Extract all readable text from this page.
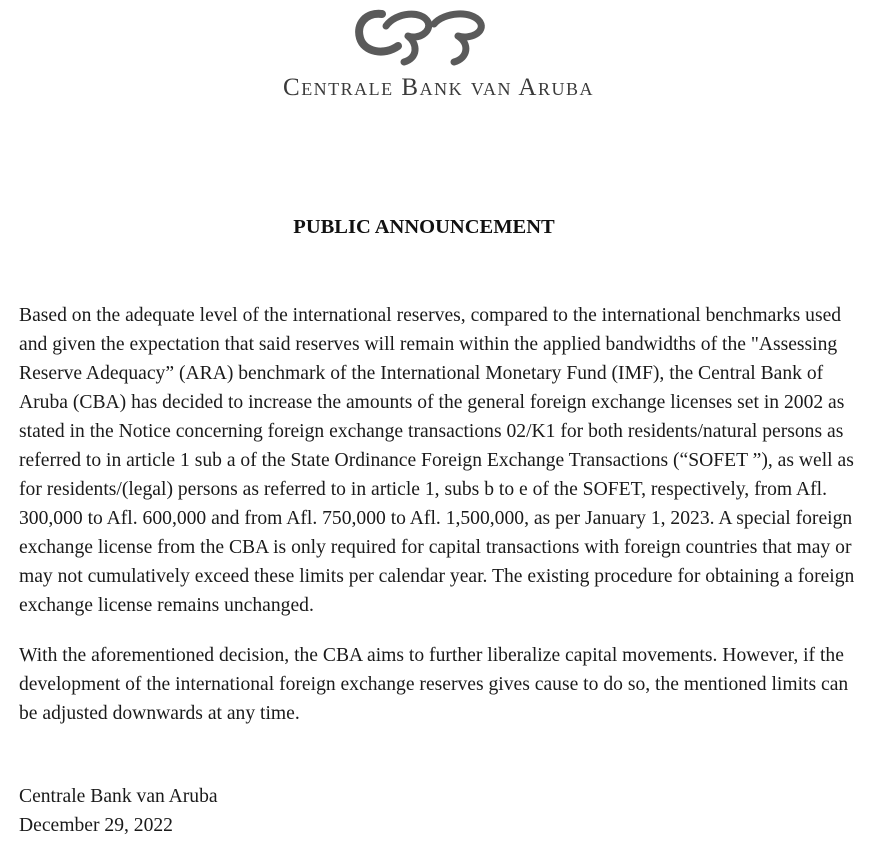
Centrale Bank van Aruba
PUBLIC ANNOUNCEMENT
Based on the adequate level of the international reserves, compared to the international benchmarks used
and given the expectation that said reserves will remain within the applied bandwidths of the "Assessing
Reserve Adequacy” (ARA) benchmark of the International Monetary Fund (IMF), the Central Bank of
Aruba (CBA) has decided to increase the amounts of the general foreign exchange licenses set in 2002 as
stated in the Notice concerning foreign exchange transactions 02/K1 for both residents/natural persons as
referred to in article 1 sub a of the State Ordinance Foreign Exchange Transactions (“SOFET ”), as well as
for residents/(legal) persons as referred to in article 1, subs b to e of the SOFET, respectively, from Afl.
300,000 to Afl. 600,000 and from Afl. 750,000 to Afl. 1,500,000, as per January 1, 2023. A special foreign
exchange license from the CBA is only required for capital transactions with foreign countries that may or
may not cumulatively exceed these limits per calendar year. The existing procedure for obtaining a foreign
exchange license remains unchanged.
With the aforementioned decision, the CBA aims to further liberalize capital movements. However, if the
development of the international foreign exchange reserves gives cause to do so, the mentioned limits can
be adjusted downwards at any time.
Centrale Bank van Aruba
December 29, 2022
